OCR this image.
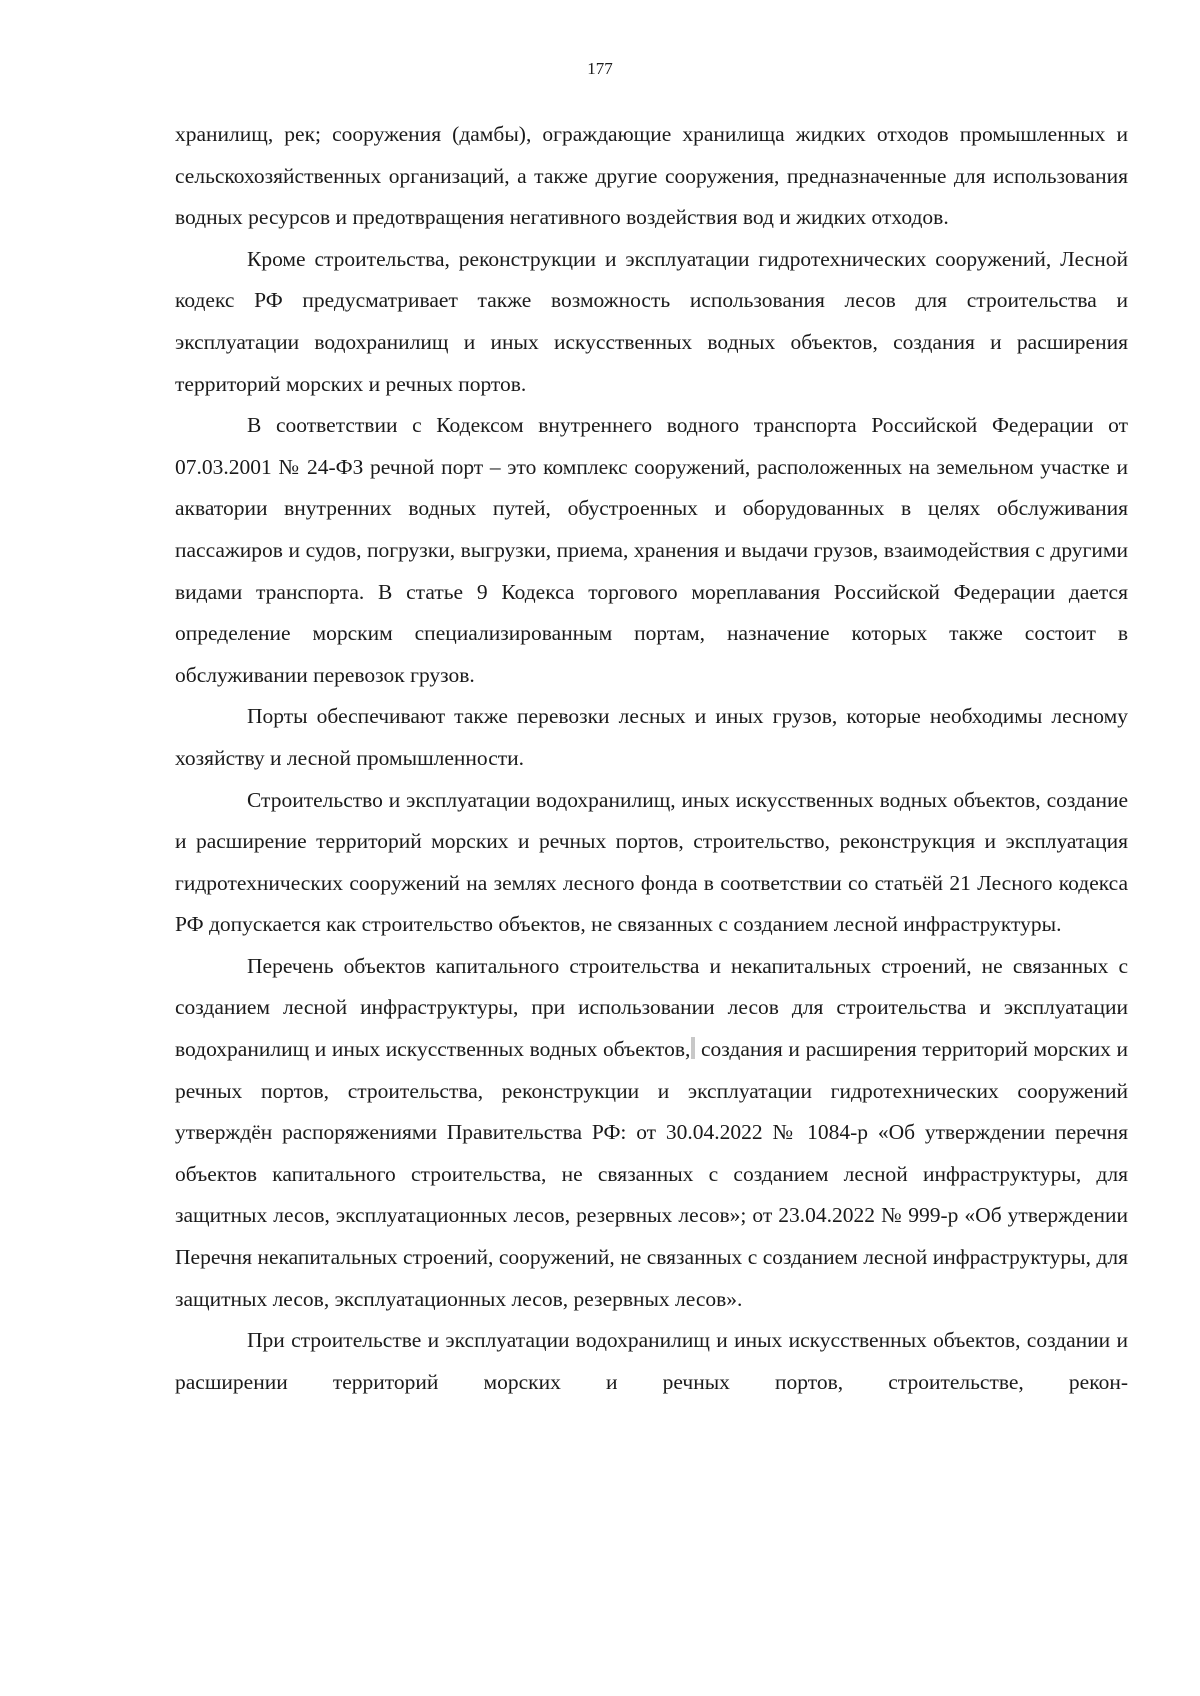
177

хранилищ, рек; сооружения (дамбы), ограждающие хранилища жидких отходов промышленных и сельскохозяйственных организаций, а также другие сооружения, предназначенные для использования водных ресурсов и предотвращения негативного воздействия вод и жидких отходов.

Кроме строительства, реконструкции и эксплуатации гидротехнических сооружений, Лесной кодекс РФ предусматривает также возможность использования лесов для строительства и эксплуатации водохранилищ и иных искусственных водных объектов, создания и расширения территорий морских и речных портов.

В соответствии с Кодексом внутреннего водного транспорта Российской Федерации от 07.03.2001 № 24-ФЗ речной порт – это комплекс сооружений, расположенных на земельном участке и акватории внутренних водных путей, обустроенных и оборудованных в целях обслуживания пассажиров и судов, погрузки, выгрузки, приема, хранения и выдачи грузов, взаимодействия с другими видами транспорта. В статье 9 Кодекса торгового мореплавания Российской Федерации дается определение морским специализированным портам, назначение которых также состоит в обслуживании перевозок грузов.

Порты обеспечивают также перевозки лесных и иных грузов, которые необходимы лесному хозяйству и лесной промышленности.

Строительство и эксплуатации водохранилищ, иных искусственных водных объектов, создание и расширение территорий морских и речных портов, строительство, реконструкция и эксплуатация гидротехнических сооружений на землях лесного фонда в соответствии со статьёй 21 Лесного кодекса РФ допускается как строительство объектов, не связанных с созданием лесной инфраструктуры.

Перечень объектов капитального строительства и некапитальных строений, не связанных с созданием лесной инфраструктуры, при использовании лесов для строительства и эксплуатации водохранилищ и иных искусственных водных объектов, создания и расширения территорий морских и речных портов, строительства, реконструкции и эксплуатации гидротехнических сооружений утверждён распоряжениями Правительства РФ: от 30.04.2022 № 1084-р «Об утверждении перечня объектов капитального строительства, не связанных с созданием лесной инфраструктуры, для защитных лесов, эксплуатационных лесов, резервных лесов»; от 23.04.2022 № 999-р «Об утверждении Перечня некапитальных строений, сооружений, не связанных с созданием лесной инфраструктуры, для защитных лесов, эксплуатационных лесов, резервных лесов».

При строительстве и эксплуатации водохранилищ и иных искусственных объектов, создании и расширении территорий морских и речных портов, строительстве, рекон-
